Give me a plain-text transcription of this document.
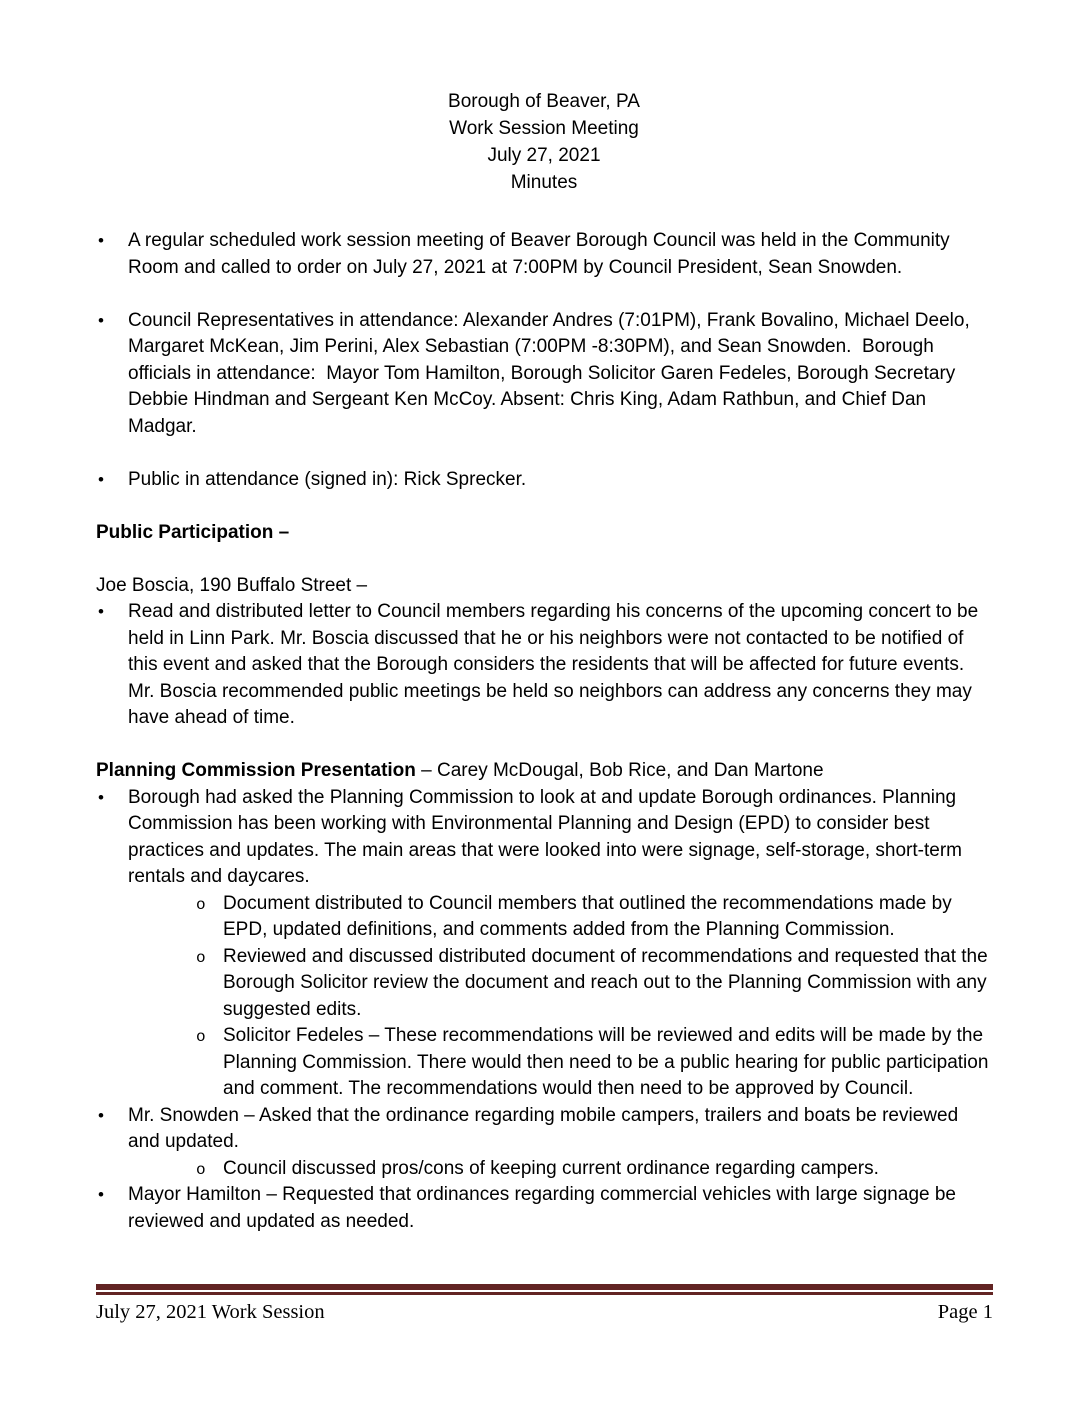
Borough of Beaver, PA
Work Session Meeting
July 27, 2021
Minutes
• A regular scheduled work session meeting of Beaver Borough Council was held in the Community Room and called to order on July 27, 2021 at 7:00PM by Council President, Sean Snowden.
• Council Representatives in attendance: Alexander Andres (7:01PM), Frank Bovalino, Michael Deelo, Margaret McKean, Jim Perini, Alex Sebastian (7:00PM -8:30PM), and Sean Snowden.  Borough officials in attendance:  Mayor Tom Hamilton, Borough Solicitor Garen Fedeles, Borough Secretary Debbie Hindman and Sergeant Ken McCoy. Absent: Chris King, Adam Rathbun, and Chief Dan Madgar.
• Public in attendance (signed in): Rick Sprecker.
Public Participation –
Joe Boscia, 190 Buffalo Street –
• Read and distributed letter to Council members regarding his concerns of the upcoming concert to be held in Linn Park. Mr. Boscia discussed that he or his neighbors were not contacted to be notified of this event and asked that the Borough considers the residents that will be affected for future events. Mr. Boscia recommended public meetings be held so neighbors can address any concerns they may have ahead of time.
Planning Commission Presentation – Carey McDougal, Bob Rice, and Dan Martone
• Borough had asked the Planning Commission to look at and update Borough ordinances. Planning Commission has been working with Environmental Planning and Design (EPD) to consider best practices and updates. The main areas that were looked into were signage, self-storage, short-term rentals and daycares.
o Document distributed to Council members that outlined the recommendations made by EPD, updated definitions, and comments added from the Planning Commission.
o Reviewed and discussed distributed document of recommendations and requested that the Borough Solicitor review the document and reach out to the Planning Commission with any suggested edits.
o Solicitor Fedeles – These recommendations will be reviewed and edits will be made by the Planning Commission. There would then need to be a public hearing for public participation and comment. The recommendations would then need to be approved by Council.
• Mr. Snowden – Asked that the ordinance regarding mobile campers, trailers and boats be reviewed and updated.
o Council discussed pros/cons of keeping current ordinance regarding campers.
• Mayor Hamilton – Requested that ordinances regarding commercial vehicles with large signage be reviewed and updated as needed.
July 27, 2021 Work Session	Page 1
